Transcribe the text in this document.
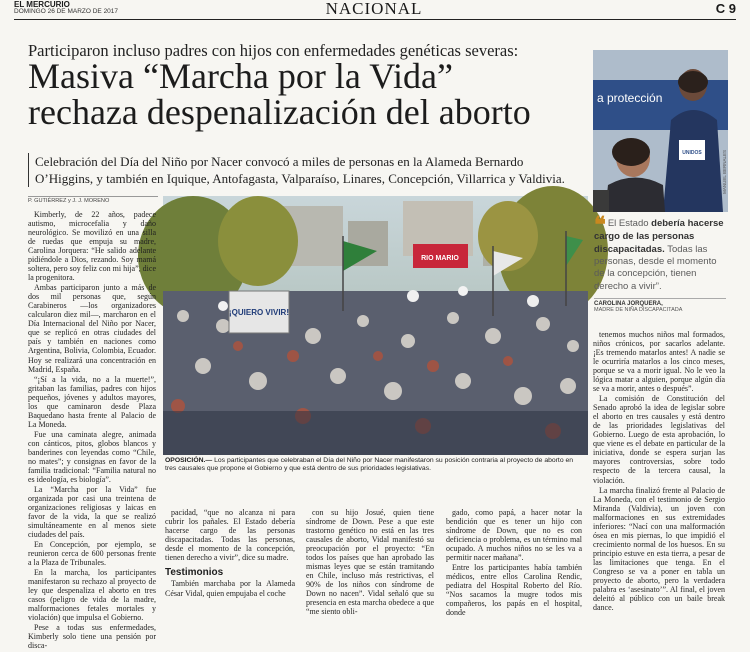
EL MERCURIO
DOMINGO 26 DE MARZO DE 2017	NACIONAL	C 9
Participaron incluso padres con hijos con enfermedades genéticas severas:
Masiva “Marcha por la Vida”
rechaza despenalización del aborto
Celebración del Día del Niño por Nacer convocó a miles de personas en la Alameda Bernardo O’Higgins, y también en Iquique, Antofagasta, Valparaíso, Linares, Concepción, Villarrica y Valdivia.
P. GUTIÉRREZ y J. J. MORENO
¡QUIERO VIVIR!
RIO MARIO
OPOSICIÓN.— Los participantes que celebraban el Día del Niño por Nacer manifestaron su posición contraria al proyecto de aborto en tres causales que propone el Gobierno y que está dentro de sus prioridades legislativas.
a protección
UNIDOS	MANUEL BERNALES
❝ El Estado debería hacerse cargo de las personas discapacitadas. Todas las personas, desde el momento de la concepción, tienen derecho a vivir”.
CAROLINA JORQUERA,
MADRE DE NIÑA DISCAPACITADA

Kimberly, de 22 años, padece autismo, microcefalia y daño neurológico. Se movilizó en una silla de ruedas que empuja su madre, Carolina Jorquera: “He salido adelante pidiéndole a Dios, rezando. Soy mamá soltera, pero soy feliz con mi hija”, dice la progenitora.

Ambas participaron junto a más de dos mil personas que, según Carabineros —los organizadores calcularon diez mil—, marcharon en el Día Internacional del Niño por Nacer, que se replicó en otras ciudades del país y también en naciones como Argentina, Bolivia, Colombia, Ecuador. Hoy se realizará una concentración en Madrid, España.

“¡Sí a la vida, no a la muerte!”, gritaban las familias, padres con hijos pequeños, jóvenes y adultos mayores, los que caminaron desde Plaza Baquedano hasta frente al Palacio de La Moneda.

Fue una caminata alegre, animada con cánticos, pitos, globos blancos y banderines con leyendas como “Chile, no mates”; y consignas en favor de la familia tradicional: “Familia natural no es ideología, es biología”.

La “Marcha por la Vida” fue organizada por casi una treintena de organizaciones religiosas y laicas en favor de la vida, la que se realizó simultáneamente en al menos siete ciudades del país.

En Concepción, por ejemplo, se reunieron cerca de 600 personas frente a la Plaza de Tribunales.

En la marcha, los participantes manifestaron su rechazo al proyecto de ley que despenaliza el aborto en tres casos (peligro de vida de la madre, malformaciones fetales mortales y violación) que impulsa el Gobierno.

Pese a todas sus enfermedades, Kimberly solo tiene una pensión por disca-

pacidad, “que no alcanza ni para cubrir los pañales. El Estado debería hacerse cargo de las personas discapacitadas. Todas las personas, desde el momento de la concepción, tienen derecho a vivir”, dice su madre.

Testimonios

También marchaba por la Alameda César Vidal, quien empujaba el coche

con su hijo Josué, quien tiene síndrome de Down. Pese a que este trastorno genético no está en las tres causales de aborto, Vidal manifestó su preocupación por el proyecto: “En todos los países que han aprobado las mismas leyes que se están tramitando en Chile, incluso más restrictivas, el 90% de los niños con síndrome de Down no nacen”. Vidal señaló que su presencia en esta marcha obedece a que “me siento obli-

gado, como papá, a hacer notar la bendición que es tener un hijo con síndrome de Down, que no es con deficiencia o problema, es un término mal ocupado. A muchos niños no se les va a permitir nacer mañana”.

Entre los participantes había también médicos, entre ellos Carolina Rendic, pediatra del Hospital Roberto del Río. “Nos sacamos la mugre todos mis compañeros, los papás en el hospital, donde

tenemos muchos niños mal formados, niños crónicos, por sacarlos adelante. ¡Es tremendo matarlos antes! A nadie se le ocurriría matarlos a los cinco meses, porque se va a morir igual. No le veo la lógica matar a alguien, porque algún día se va a morir, antes o después”.

La comisión de Constitución del Senado aprobó la idea de legislar sobre el aborto en tres causales y está dentro de las prioridades legislativas del Gobierno. Luego de esta aprobación, lo que viene es el debate en particular de la iniciativa, donde se espera surjan las mayores controversias, sobre todo respecto de la tercera causal, la violación.

La marcha finalizó frente al Palacio de La Moneda, con el testimonio de Sergio Miranda (Valdivia), un joven con malformaciones en sus extremidades inferiores: “Nací con una malformación ósea en mis piernas, lo que impidió el crecimiento normal de los huesos. En su principio estuve en esta tierra, a pesar de las limitaciones que tenga. En el Congreso se va a poner en tabla un proyecto de aborto, pero la verdadera palabra es ‘asesinato’”. Al final, el joven deleitó al público con un baile break dance.
